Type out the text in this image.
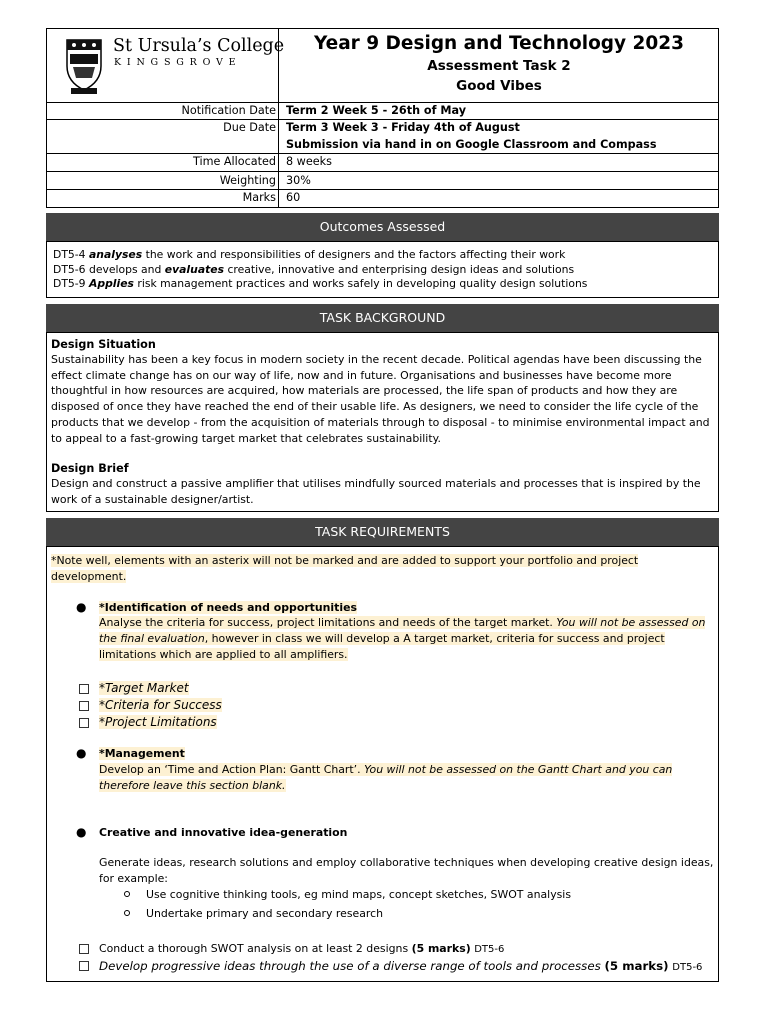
St Ursula’s College
KINGSGROVE
Year 9 Design and Technology 2023
Assessment Task 2
Good Vibes
Notification Date Term 2 Week 5 - 26th of May
Due Date Term 3 Week 3 - Friday 4th of August
Submission via hand in on Google Classroom and Compass
Time Allocated 8 weeks
Weighting 30%
Marks 60
Outcomes Assessed
DT5-4 analyses the work and responsibilities of designers and the factors affecting their work
DT5-6 develops and evaluates creative, innovative and enterprising design ideas and solutions
DT5-9 Applies risk management practices and works safely in developing quality design solutions
TASK BACKGROUND
Design Situation
Sustainability has been a key focus in modern society in the recent decade. Political agendas have been discussing the
effect climate change has on our way of life, now and in future. Organisations and businesses have become more
thoughtful in how resources are acquired, how materials are processed, the life span of products and how they are
disposed of once they have reached the end of their usable life. As designers, we need to consider the life cycle of the
products that we develop - from the acquisition of materials through to disposal - to minimise environmental impact and
to appeal to a fast-growing target market that celebrates sustainability.
Design Brief
Design and construct a passive amplifier that utilises mindfully sourced materials and processes that is inspired by the
work of a sustainable designer/artist.
TASK REQUIREMENTS
*Note well, elements with an asterix will not be marked and are added to support your portfolio and project
development.
● *Identification of needs and opportunities
Analyse the criteria for success, project limitations and needs of the target market. You will not be assessed on
the final evaluation, however in class we will develop a A target market, criteria for success and project
limitations which are applied to all amplifiers.
*Target Market
*Criteria for Success
*Project Limitations
● *Management
Develop an ‘Time and Action Plan: Gantt Chart’. You will not be assessed on the Gantt Chart and you can
therefore leave this section blank.
● Creative and innovative idea-generation
Generate ideas, research solutions and employ collaborative techniques when developing creative design ideas,
for example:
Use cognitive thinking tools, eg mind maps, concept sketches, SWOT analysis
Undertake primary and secondary research
Conduct a thorough SWOT analysis on at least 2 designs (5 marks) DT5-6
Develop progressive ideas through the use of a diverse range of tools and processes (5 marks) DT5-6
